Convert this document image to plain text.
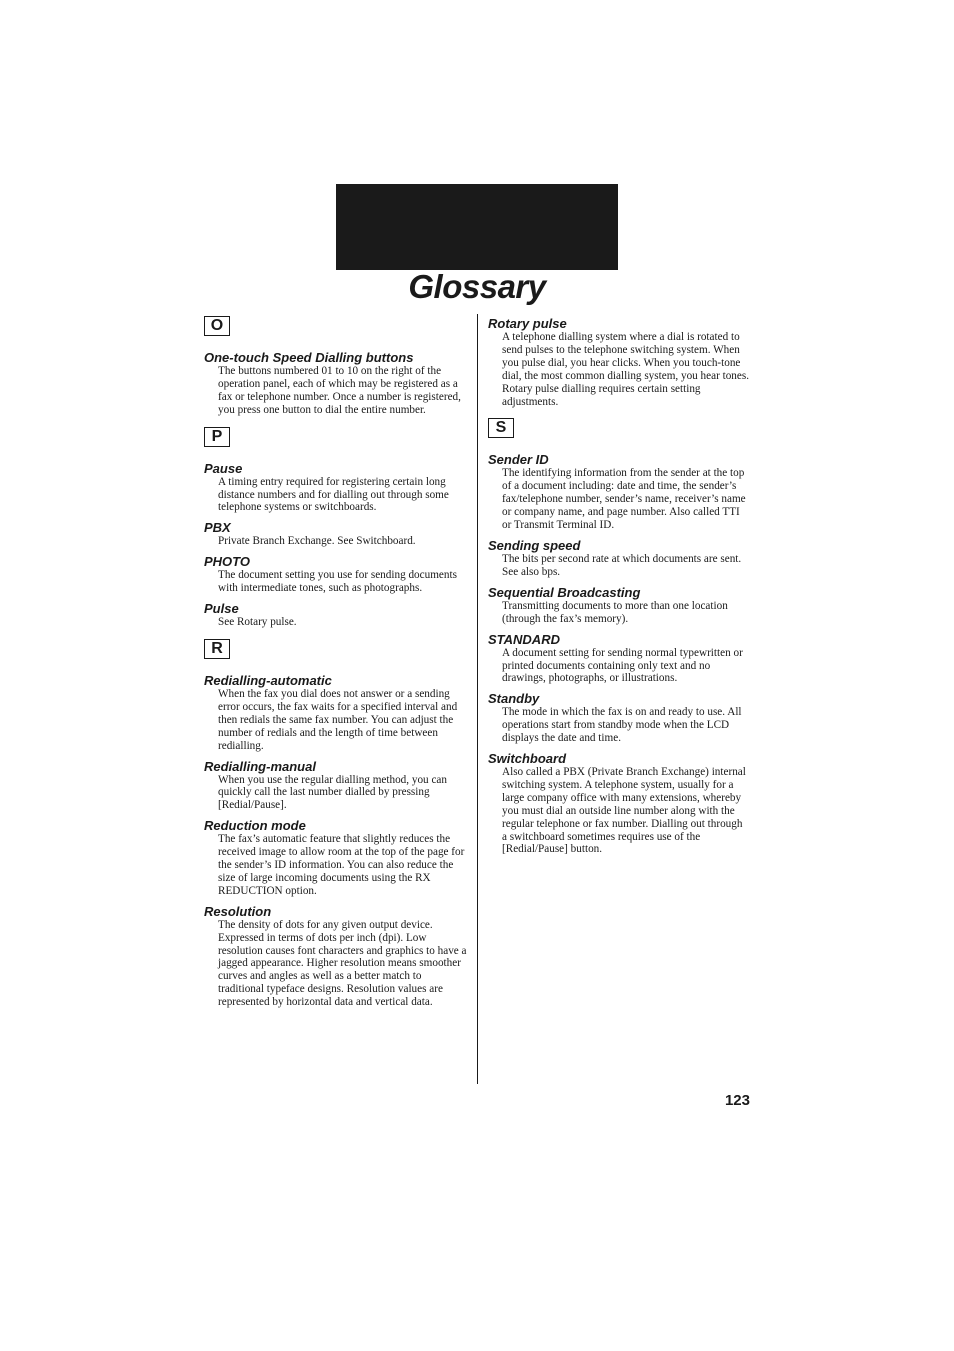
Glossary
O

One-touch Speed Dialling buttons

The buttons numbered 01 to 10 on the right of the operation panel, each of which may be registered as a fax or telephone number. Once a number is registered, you press one button to dial the entire number.

P

Pause

A timing entry required for registering certain long distance numbers and for dialling out through some telephone systems or switchboards.

PBX

Private Branch Exchange. See Switchboard.

PHOTO

The document setting you use for sending documents with intermediate tones, such as photographs.

Pulse

See Rotary pulse.

R

Redialling-automatic

When the fax you dial does not answer or a sending error occurs, the fax waits for a specified interval and then redials the same fax number. You can adjust the number of redials and the length of time between redialling.

Redialling-manual

When you use the regular dialling method, you can quickly call the last number dialled by pressing [Redial/Pause].

Reduction mode

The fax’s automatic feature that slightly reduces the received image to allow room at the top of the page for the sender’s ID information. You can also reduce the size of large incoming documents using the RX REDUCTION option.

Resolution

The density of dots for any given output device. Expressed in terms of dots per inch (dpi). Low resolution causes font characters and graphics to have a jagged appearance. Higher resolution means smoother curves and angles as well as a better match to traditional typeface designs. Resolution values are represented by horizontal data and vertical data.

Rotary pulse

A telephone dialling system where a dial is rotated to send pulses to the telephone switching system. When you pulse dial, you hear clicks. When you touch-tone dial, the most common dialling system, you hear tones. Rotary pulse dialling requires certain setting adjustments.

S

Sender ID

The identifying information from the sender at the top of a document including: date and time, the sender’s fax/telephone number, sender’s name, receiver’s name or company name, and page number. Also called TTI or Transmit Terminal ID.

Sending speed

The bits per second rate at which documents are sent. See also bps.

Sequential Broadcasting

Transmitting documents to more than one location (through the fax’s memory).

STANDARD

A document setting for sending normal typewritten or printed documents containing only text and no drawings, photographs, or illustrations.

Standby

The mode in which the fax is on and ready to use. All operations start from standby mode when the LCD displays the date and time.

Switchboard

Also called a PBX (Private Branch Exchange) internal switching system. A telephone system, usually for a large company office with many extensions, whereby you must dial an outside line number along with the regular telephone or fax number. Dialling out through a switchboard sometimes requires use of the [Redial/Pause] button.

123
